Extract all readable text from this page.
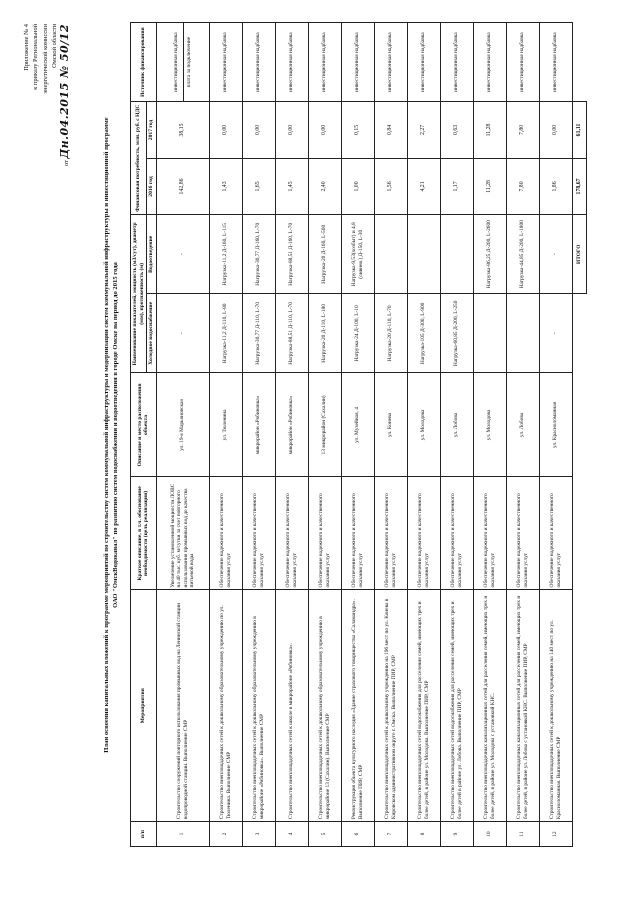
Приложение № 4 к приказу Региональной энергетической комиссии Омской области
от Дн.04.2015 № 50/12
План освоения капитальных вложений к программе мероприятий по строительству систем коммунальной инфраструктуры и модернизации систем коммунальной инфраструктуры и инвестиционной программе ОАО "ОмскВодоканал" по развитию систем водоснабжения и водоотведения в городе Омске на период до 2015 года
п/п	Мероприятия	Краткое описание, в т.ч. обоснование необходимости (цель реализации)	Описание и место расположения объекта	Наименование показателей, мощность (м3/сут), диаметр (мм), протяженность (м)		Финансовая потребность, млн. руб. с НДС		Источник финансирования
				Холодное водоснабжение	Водоотведение	2016 год	2017 год	
1	Строительство сооружений повторного использования промывных вод на Ленинской станции водопроводной станции. Выполнение СМР	Увеличение установленной мощности ЛОВС на 40 тыс. куб. м/сутки за счет повторного использования промывных вод до качества питьевой воды	ул. 19-я Марьяновская	-	-	142,86	38,15	инвестиционная надбавка плата за подключение

2	Строительство внеплощадочных сетей к дошкольному образовательному учреждению по ул. Тюленина. Выполнение СМР	Обеспечение надежного и качественного оказания услуг	ул. Тюленина	Нагрузка-11,2 Д-110, L-80	Нагрузка-11,2 Д-160, L-115	1,43	0,00	инвестиционная надбавка

3	Строительство внеплощадочных сетей к дошкольному образовательному учреждению в микрорайоне «Рябиновка». Выполнение СМР	Обеспечение надежного и качественного оказания услуг	микрорайон «Рябиновка»	Нагрузка-30,77 Д-110, L-70	Нагрузка-30,77 Д-160, L-70	1,65	0,00	инвестиционная надбавка

4	Строительство внеплощадочных сетей к школе в микрорайоне «Рябиновка».	Обеспечение надежного и качественного оказания услуг	микрорайон «Рябиновка»	Нагрузка-88,51 Д-110, L-70	Нагрузка-88,51 Д-160, L-70	1,45	0,00	инвестиционная надбавка

5	Строительство внеплощадочных сетей к дошкольному образовательному учреждению в микрорайоне 13 (Сахалин). Выполнение СМР	Обеспечение надежного и качественного оказания услуг	13 микрорайон (Сахалин)	Нагрузка-20 Д-110, L-180	Нагрузка-20 Д-160, L-500	2,40	0,00	инвестиционная надбавка

6	Реконструкция объекта культурного наследия «Здание страхового товарищества «Саламандра». Выполнение ПИР, СМР	Обеспечение надежного и качественного оказания услуг	ул. Музейная, 4	Нагрузка-24 Д-100, L-10	Нагрузка-9,53(хозбыт) и 4,8 (ливнев.) Д-150, L-30	1,00	0,15	инвестиционная надбавка

7	Строительство внеплощадочных сетей к дошкольному учреждению на 196 мест по ул. Конева в Кировском административном округе г. Омска. Выполнение ПИР, СМР	Обеспечение надежного и качественного оказания услуг	ул. Конева	Нагрузка-20 Д-110, L-70		1,56	0,84	инвестиционная надбавка

8	Строительство внеплощадочных сетей водоснабжения для расселения семей, имеющих трех и более детей, в районе ул. Молодова. Выполнение ПИР, СМР	Обеспечение надежного и качественного оказания услуг	ул. Молодова	Нагрузка-105 Д-300, L-900		4,21	2,27	инвестиционная надбавка

9	Строительство внеплощадочных сетей водоснабжения для расселения семей, имеющих трех и более детей в районе ул. Лобова. Выполнение ПИР, СМР	Обеспечение надежного и качественного оказания услуг	ул. Лобова	Нагрузка-60,85 Д-200, L-250		1,17	0,63	инвестиционная надбавка

10	Строительство внеплощадочных канализационных сетей для расселения семей, имеющих трех и более детей, в районе ул. Молодова с установкой КНС.	Обеспечение надежного и качественного оказания услуг	ул. Молодова		Нагрузка-86,25 Д-200, L-2600	11,28	11,28	инвестиционная надбавка

11	Строительство внеплощадочных канализационных сетей для расселения семей, имеющих трех и более детей, в районе ул. Лобова с установкой КНС. Выполнение ПИР, СМР	Обеспечение надежного и качественного оказания услуг	ул. Лобова		Нагрузка-44,85 Д-200, L-1800	7,80	7,80	инвестиционная надбавка

12	Строительство внеплощадочных сетей к дошкольному учреждению на 140 мест по ул. Красноломанная. Выполнение СМР	Обеспечение надежного и качественного оказания услуг	ул. Красноломанная	-	-	1,86	0,00	инвестиционная надбавка

					ИТОГО	178,67	61,11	
